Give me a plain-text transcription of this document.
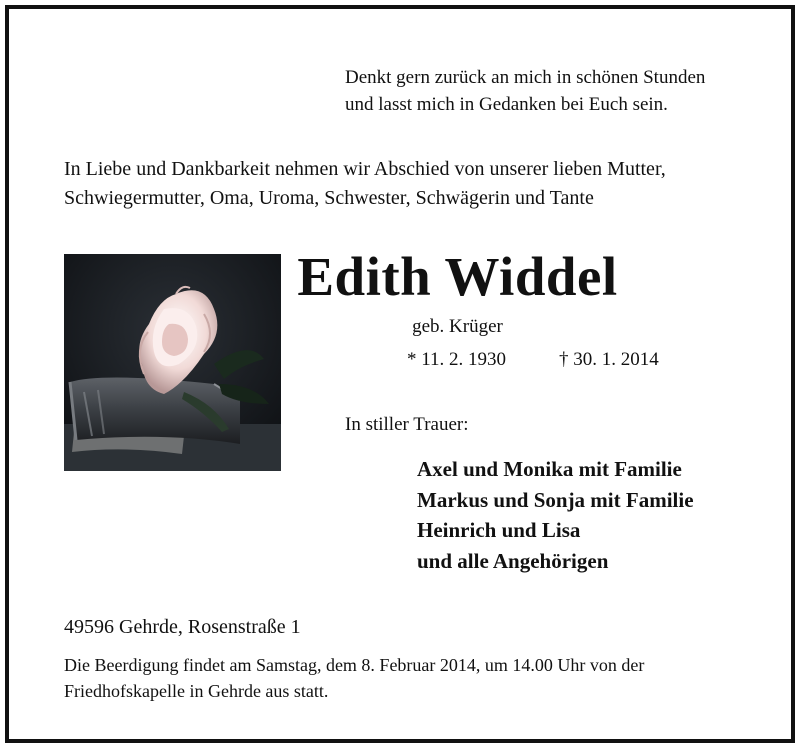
Denkt gern zurück an mich in schönen Stunden
und lasst mich in Gedanken bei Euch sein.
In Liebe und Dankbarkeit nehmen wir Abschied von unserer lieben Mutter,
Schwiegermutter, Oma, Uroma, Schwester, Schwägerin und Tante
Edith Widdel
geb. Krüger
* 11. 2. 1930	† 30. 1. 2014
In stiller Trauer:
Axel und Monika mit Familie
Markus und Sonja mit Familie
Heinrich und Lisa
und alle Angehörigen
49596 Gehrde, Rosenstraße 1
Die Beerdigung findet am Samstag, dem 8. Februar 2014, um 14.00 Uhr von der
Friedhofskapelle in Gehrde aus statt.
